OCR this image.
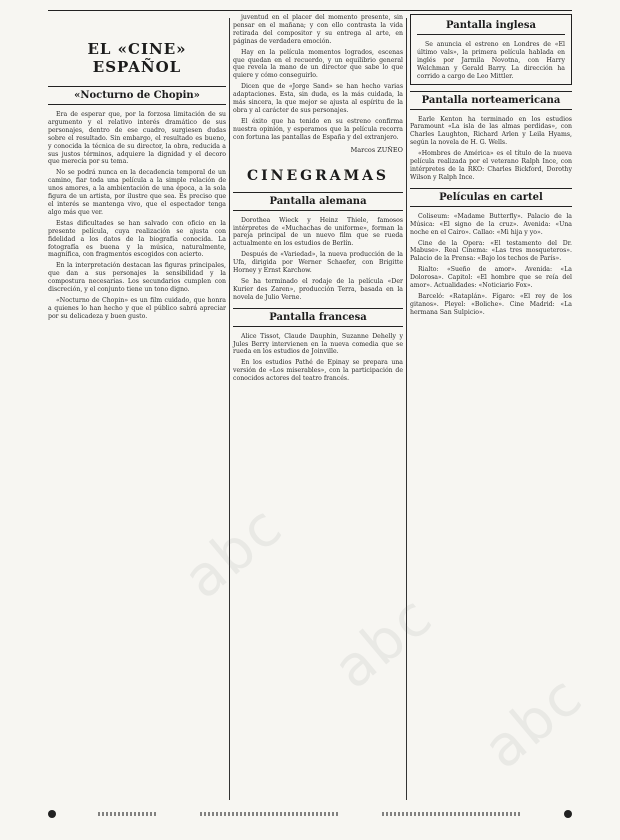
EL «CINE» ESPAÑOL
«Nocturno de Chopin»

Era de esperar que, por la forzosa limitación de su argumento y el relativo interés dramático de sus personajes, dentro de ese cuadro, surgiesen dudas sobre el resultado. Sin embargo, el resultado es bueno, y conocida la técnica de su director, la obra, reducida a sus justos términos, adquiere la dignidad y el decoro que merecía por su tema.

No se podrá nunca en la decadencia temporal de un camino, fiar toda una película a la simple relación de unos amores, a la ambientación de una época, a la sola figura de un artista, por ilustre que sea. Es preciso que el interés se mantenga vivo, que el espectador tenga algo más que ver.

Estas dificultades se han salvado con oficio en la presente película, cuya realización se ajusta con fidelidad a los datos de la biografía conocida. La fotografía es buena y la música, naturalmente, magnífica, con fragmentos escogidos con acierto.

En la interpretación destacan las figuras principales, que dan a sus personajes la sensibilidad y la compostura necesarias. Los secundarios cumplen con discreción, y el conjunto tiene un tono digno.

«Nocturno de Chopin» es un film cuidado, que honra a quienes lo han hecho y que el público sabrá apreciar por su delicadeza y buen gusto.

juventud en el placer del momento presente, sin pensar en el mañana; y con ello contrasta la vida retirada del compositor y su entrega al arte, en páginas de verdadera emoción.

Hay en la película momentos logrados, escenas que quedan en el recuerdo, y un equilibrio general que revela la mano de un director que sabe lo que quiere y cómo conseguirlo.

Dicen que de «Jorge Sand» se han hecho varias adaptaciones. Esta, sin duda, es la más cuidada, la más sincera, la que mejor se ajusta al espíritu de la obra y al carácter de sus personajes.

El éxito que ha tenido en su estreno confirma nuestra opinión, y esperamos que la película recorra con fortuna las pantallas de España y del extranjero.

Marcos ZUÑEO
CINEGRAMAS
Pantalla alemana

Dorothea Wieck y Heinz Thiele, famosos intérpretes de «Muchachas de uniforme», forman la pareja principal de un nuevo film que se rueda actualmente en los estudios de Berlín.

Después de «Variedad», la nueva producción de la Ufa, dirigida por Werner Schaefer, con Brigitte Horney y Ernst Karchow.

Se ha terminado el rodaje de la película «Der Kurier des Zaren», producción Terra, basada en la novela de Julio Verne.

Pantalla francesa

Alice Tissot, Claude Dauphin, Suzanne Dehelly y Jules Berry intervienen en la nueva comedia que se rueda en los estudios de Joinville.

En los estudios Pathé de Epinay se prepara una versión de «Los miserables», con la participación de conocidos actores del teatro francés.

Pantalla inglesa

Se anuncia el estreno en Londres de «El último vals», la primera película hablada en inglés por Jarmila Novotna, con Harry Welchman y Gerald Barry. La dirección ha corrido a cargo de Leo Mittler.

Pantalla norteamericana

Earle Kenton ha terminado en los estudios Paramount «La isla de las almas perdidas», con Charles Laughton, Richard Arlen y Leila Hyams, según la novela de H. G. Wells.

«Hombres de América» es el título de la nueva película realizada por el veterano Ralph Ince, con intérpretes de la RKO: Charles Bickford, Dorothy Wilson y Ralph Ince.

Películas en cartel

Coliseum: «Madame Butterfly». Palacio de la Música: «El signo de la cruz». Avenida: «Una noche en el Cairo». Callao: «Mi hija y yo».

Cine de la Opera: «El testamento del Dr. Mabuse». Real Cinema: «Las tres mosqueteros». Palacio de la Prensa: «Bajo los techos de París».

Rialto: «Sueño de amor». Avenida: «La Dolorosa». Capitol: «El hombre que se reía del amor». Actualidades: «Noticiario Fox».

Barceló: «Rataplán». Fígaro: «El rey de los gitanos». Pleyel: «Boliche». Cine Madrid: «La hermana San Sulpicio».

abc
abc
abc
